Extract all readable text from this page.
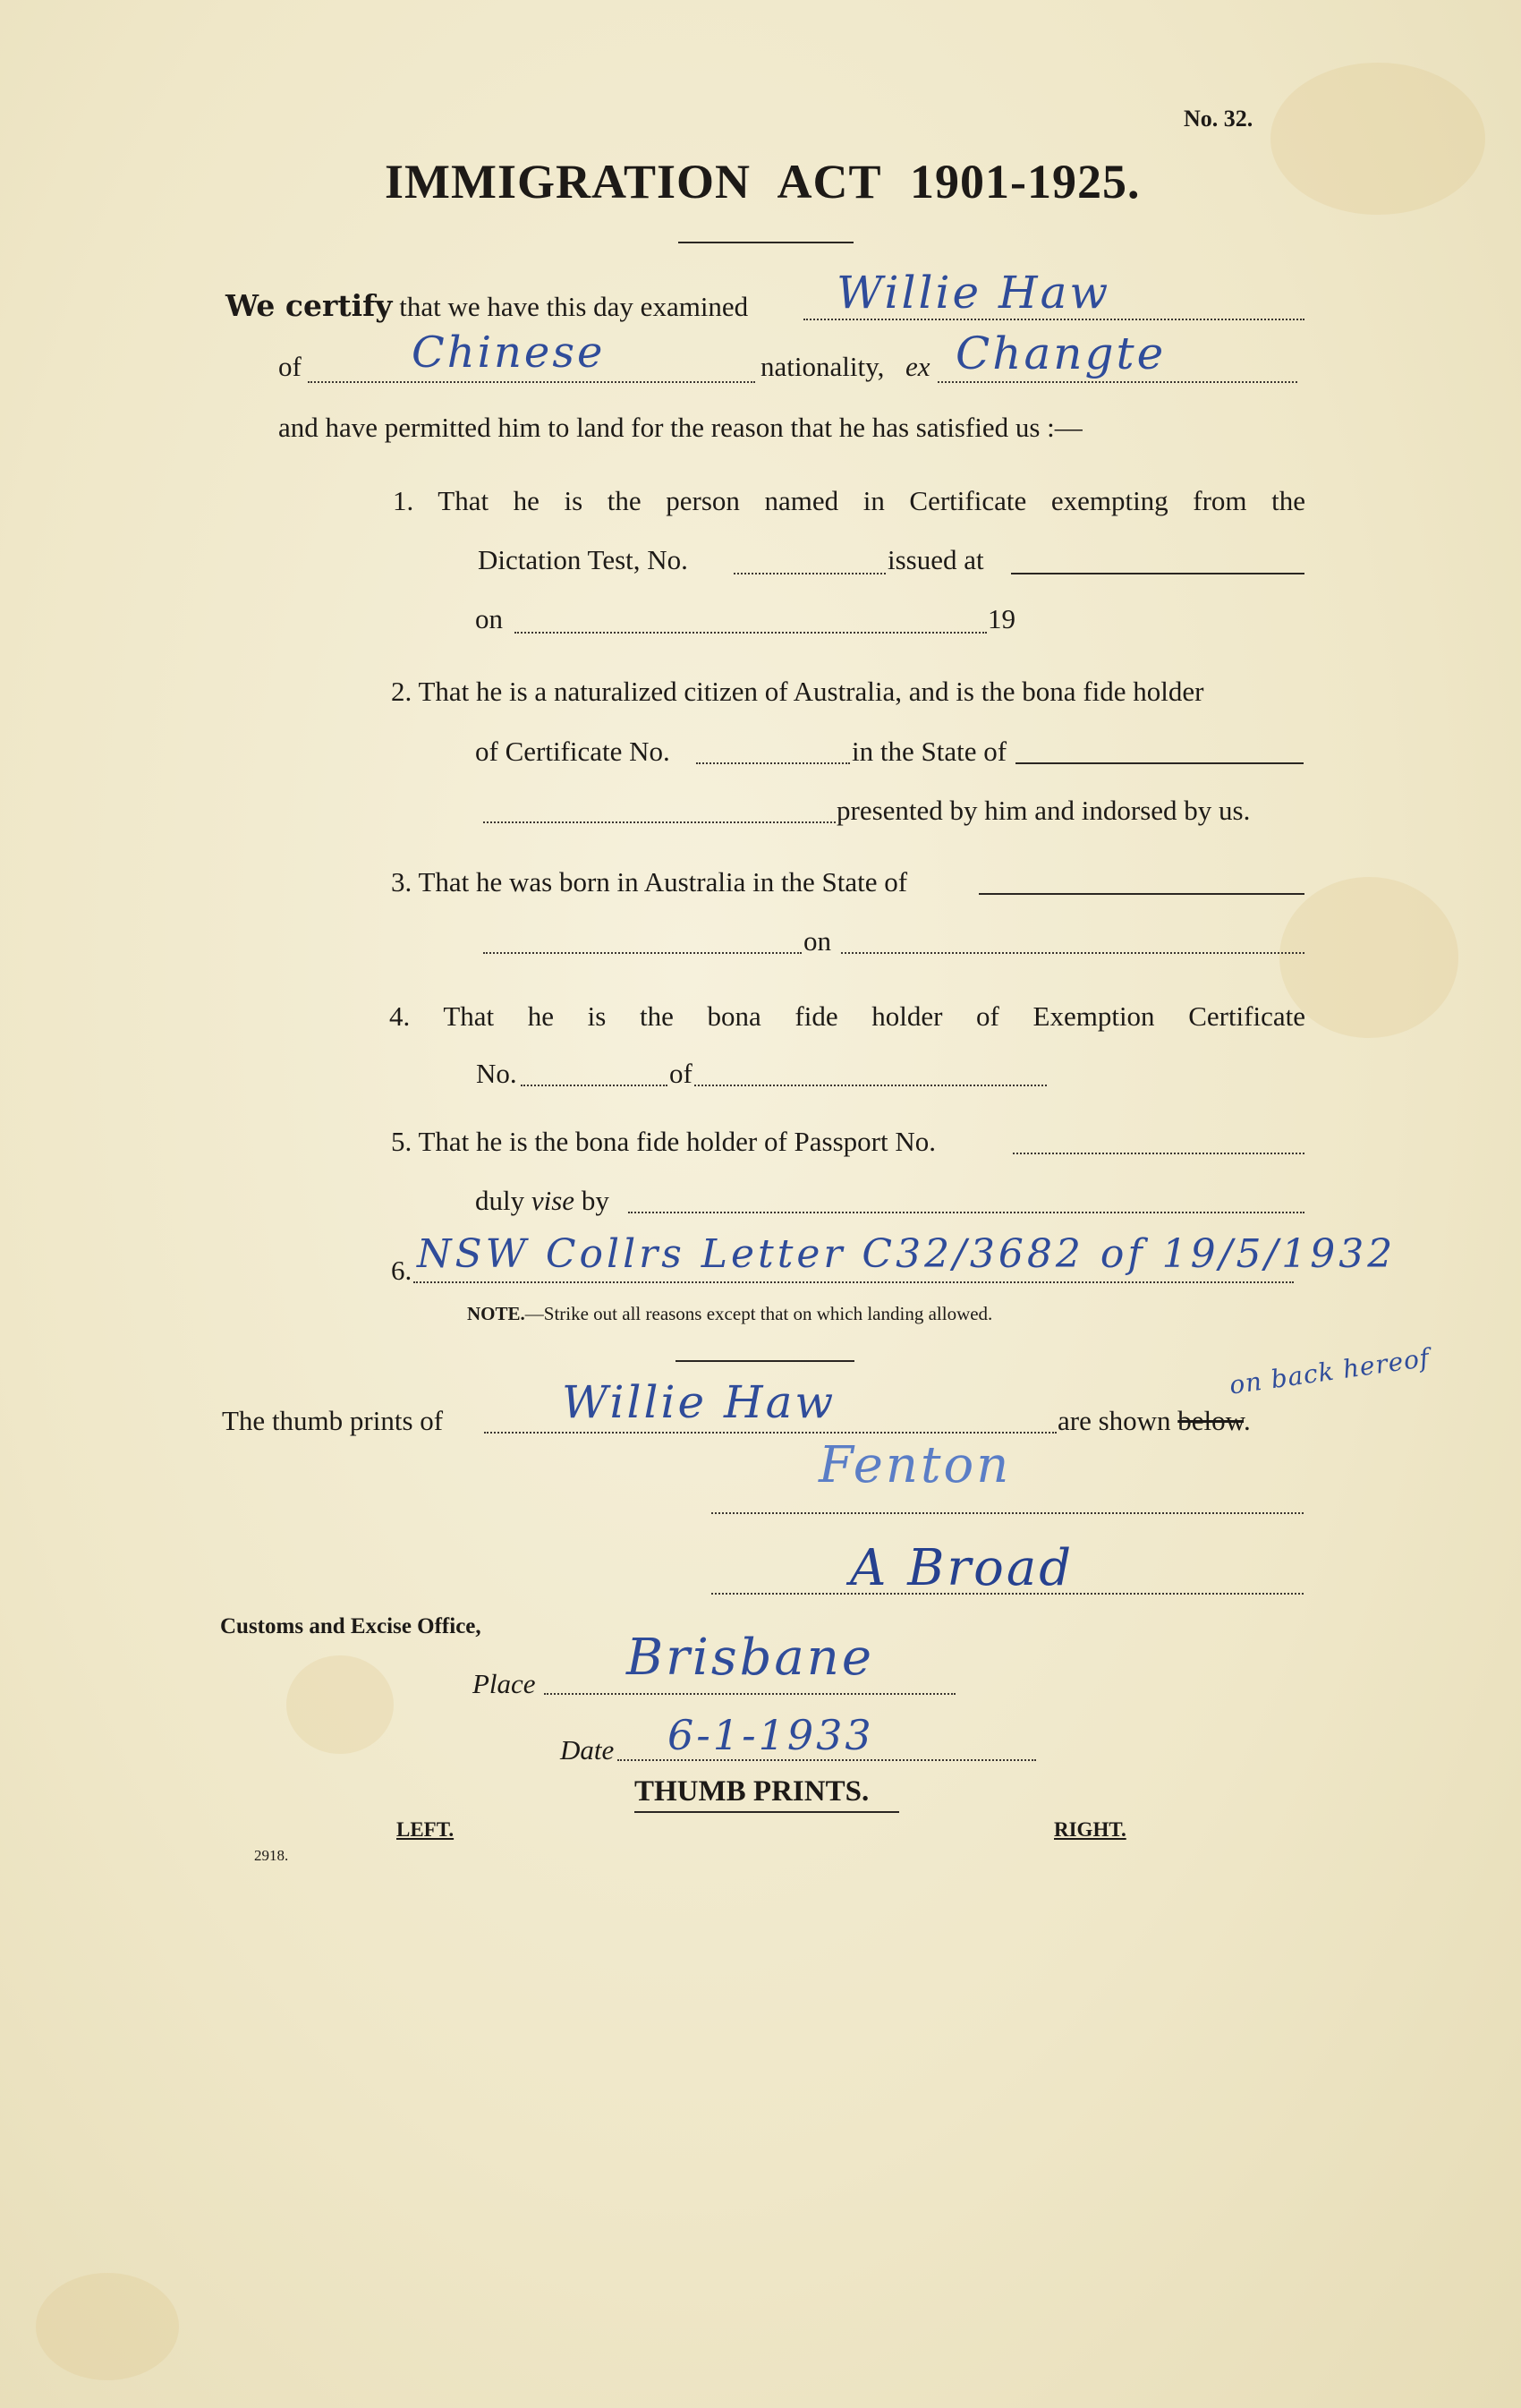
No. 32.
IMMIGRATION ACT 1901-1925.
We certify that we have this day examined Willie Haw
of	Chinese	nationality, ex Changte
and have permitted him to land for the reason that he has satisfied us :—
1. That he is the person named in Certificate exempting from the
Dictation Test, No.	issued at
on	19
2. That he is a naturalized citizen of Australia, and is the bona fide holder
of Certificate No.	in the State of
presented by him and indorsed by us.
3. That he was born in Australia in the State of
on
4. That he is the bona fide holder of Exemption Certificate
No.	of
5. That he is the bona fide holder of Passport No.
duly vise by
6. NSW Collrs Letter C32/3682 of 19/5/1932
NOTE.—Strike out all reasons except that on which landing allowed.
The thumb prints of	Willie Haw	are shown below.
on back hereof
Fenton
A Broad
Customs and Excise Office,
Place Brisbane
Date 6-1-1933
THUMB PRINTS.
LEFT.	RIGHT.
2918.
